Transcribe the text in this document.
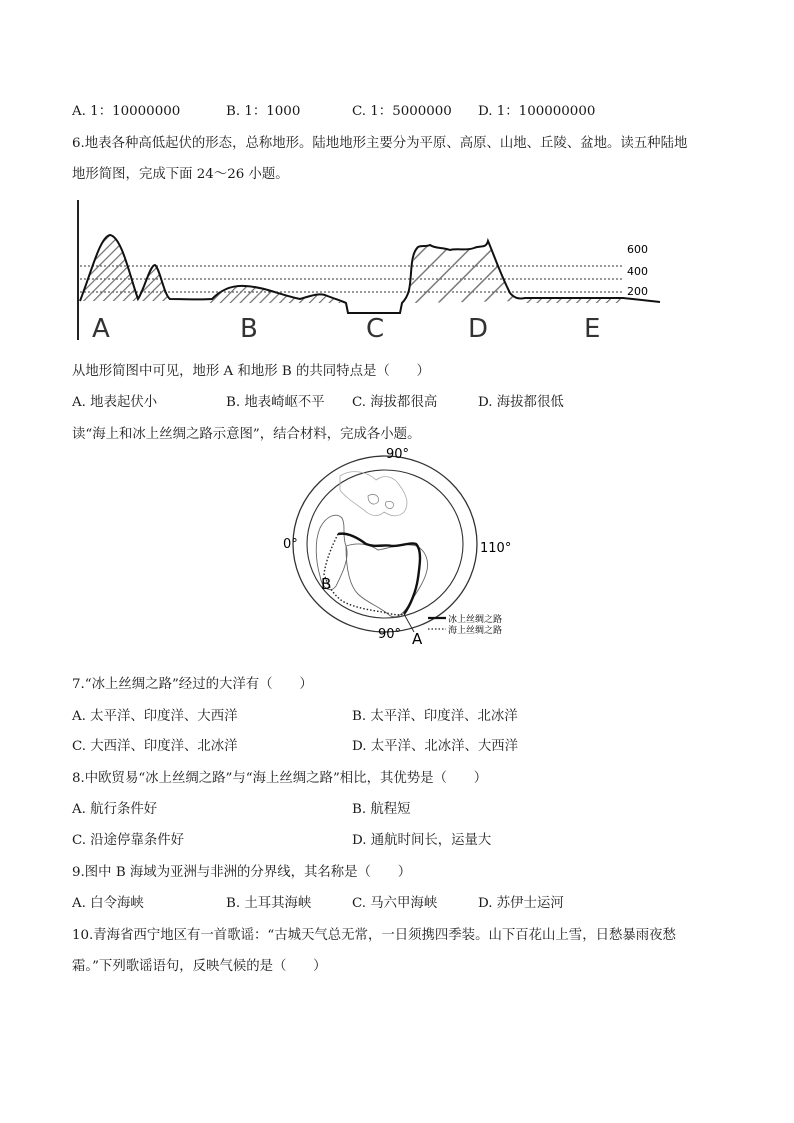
A. 1：10000000	B. 1：1000	C. 1：5000000 D. 1：100000000
6.地表各种高低起伏的形态，总称地形。陆地地形主要分为平原、高原、山地、丘陵、盆地。读五种陆地
地形简图，完成下面 24～26 小题。
600
400
200
A	B	C	D	E
从地形简图中可见，地形 A 和地形 B 的共同特点是（　　）
A. 地表起伏小	B. 地表崎岖不平 C. 海拔都很高	D. 海拔都很低
读“海上和冰上丝绸之路示意图”，结合材料，完成各小题。
90°
90°
0°	110°
B
A
冰上丝绸之路
海上丝绸之路
7.“冰上丝绸之路”经过的大洋有（　　）
A. 太平洋、印度洋、大西洋	B. 太平洋、印度洋、北冰洋
C. 大西洋、印度洋、北冰洋	D. 太平洋、北冰洋、大西洋
8.中欧贸易“冰上丝绸之路”与“海上丝绸之路”相比，其优势是（　　）
A. 航行条件好	B. 航程短
C. 沿途停靠条件好	D. 通航时间长，运量大
9.图中 B 海域为亚洲与非洲的分界线，其名称是（　　）
A. 白令海峡	B. 土耳其海峡	C. 马六甲海峡	D. 苏伊士运河
10.青海省西宁地区有一首歌谣：“古城天气总无常，一日须携四季装。山下百花山上雪，日愁暴雨夜愁
霜。”下列歌谣语句，反映气候的是（　　）
